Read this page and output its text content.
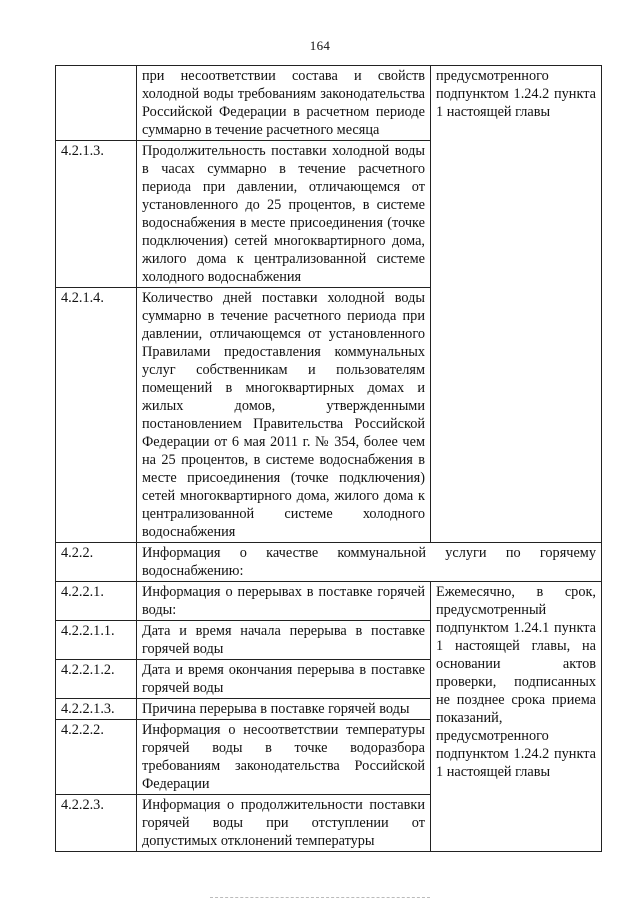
164
	при несоответствии состава и свойств холодной воды требованиям законодательства Российской Федерации в расчетном периоде суммарно в течение расчетного месяца	предусмотренного подпунктом 1.24.2 пункта 1 настоящей главы
4.2.1.3.	Продолжительность поставки холодной воды в часах суммарно в течение расчетного периода при давлении, отличающемся от установленного до 25 процентов, в системе водоснабжения в месте присоединения (точке подключения) сетей многоквартирного дома, жилого дома к централизованной системе холодного водоснабжения	
4.2.1.4.	Количество дней поставки холодной воды суммарно в течение расчетного периода при давлении, отличающемся от установленного Правилами предоставления коммунальных услуг собственникам и пользователям помещений в многоквартирных домах и жилых домов, утвержденными постановлением Правительства Российской Федерации от 6 мая 2011 г. № 354, более чем на 25 процентов, в системе водоснабжения в месте присоединения (точке подключения) сетей многоквартирного дома, жилого дома к централизованной системе холодного водоснабжения	
4.2.2.	Информация о качестве коммунальной услуги по горячему водоснабжению:	
4.2.2.1.	Информация о перерывах в поставке горячей воды:	Ежемесячно, в срок, предусмотренный подпунктом 1.24.1 пункта 1 настоящей главы, на основании актов проверки, подписанных не позднее срока приема показаний, предусмотренного подпунктом 1.24.2 пункта 1 настоящей главы
4.2.2.1.1.	Дата и время начала перерыва в поставке горячей воды	
4.2.2.1.2.	Дата и время окончания перерыва в поставке горячей воды	
4.2.2.1.3.	Причина перерыва в поставке горячей воды	
4.2.2.2.	Информация о несоответствии температуры горячей воды в точке водоразбора требованиям законодательства Российской Федерации	
4.2.2.3.	Информация о продолжительности поставки горячей воды при отступлении от допустимых отклонений температуры	
